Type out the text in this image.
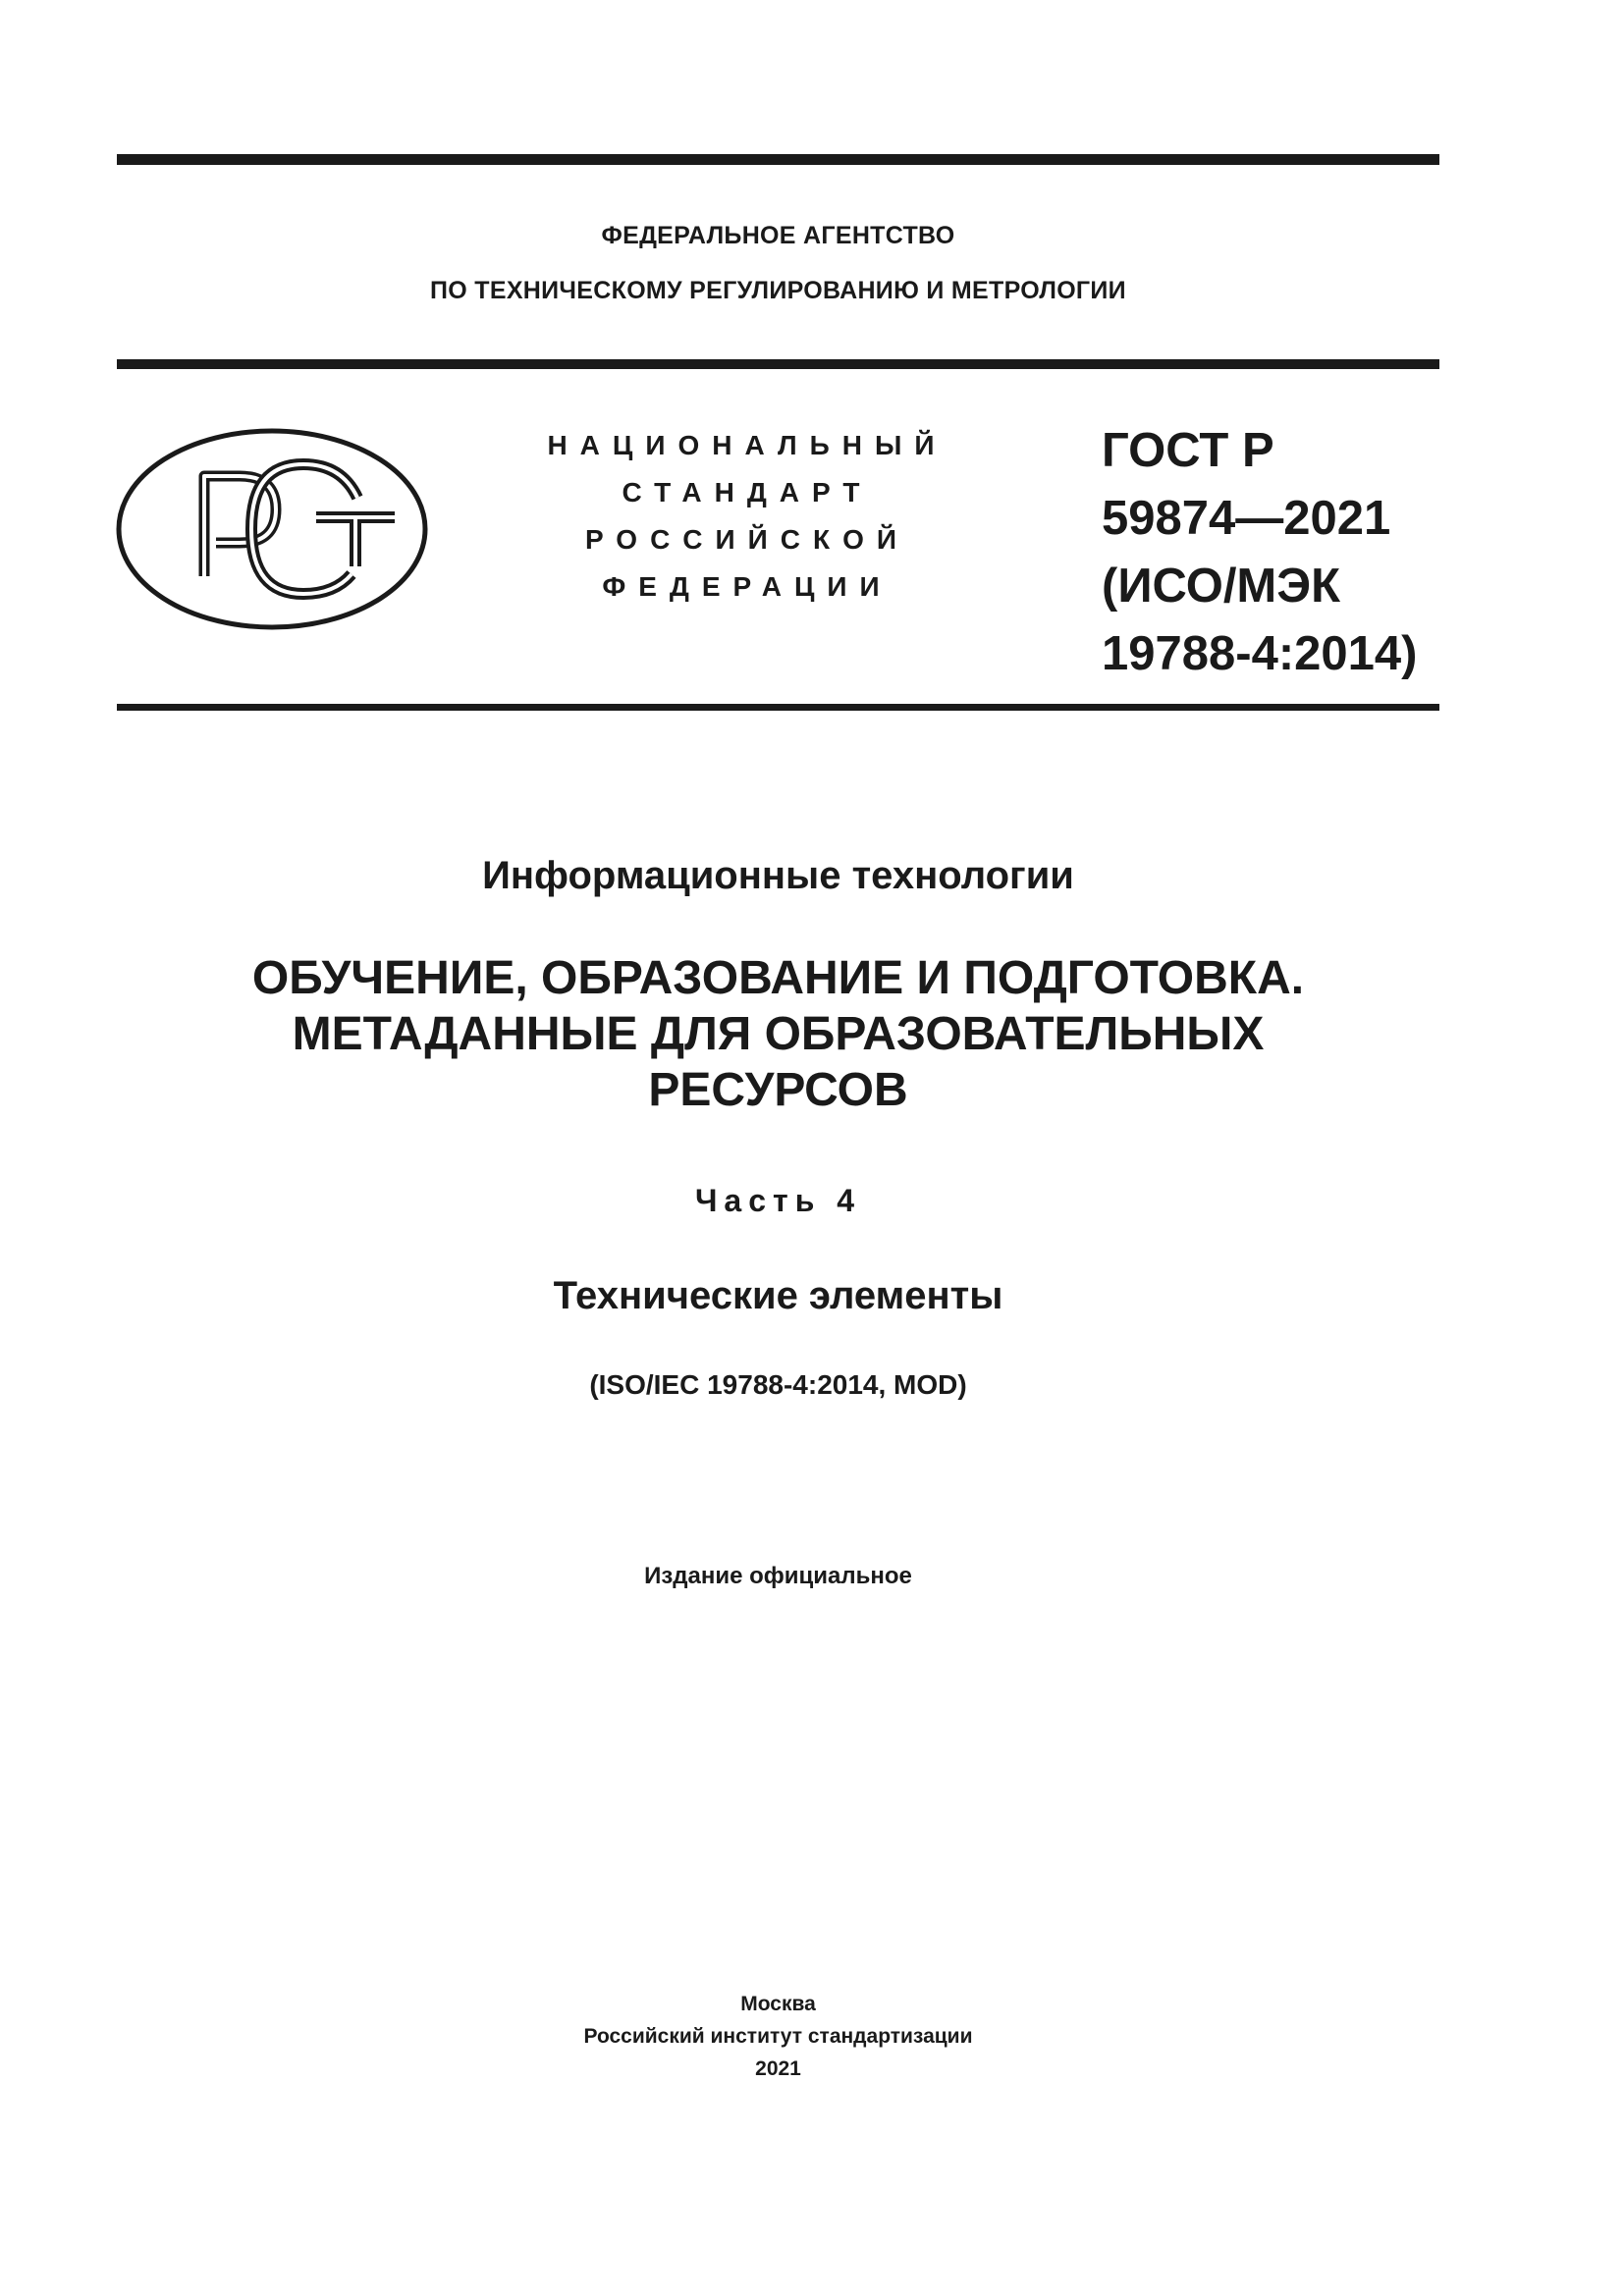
ФЕДЕРАЛЬНОЕ АГЕНТСТВО
ПО ТЕХНИЧЕСКОМУ РЕГУЛИРОВАНИЮ И МЕТРОЛОГИИ
НАЦИОНАЛЬНЫЙ
СТАНДАРТ
РОССИЙСКОЙ
ФЕДЕРАЦИИ
ГОСТ Р
59874—2021
(ИСО/МЭК
19788-4:2014)
Информационные технологии
ОБУЧЕНИЕ, ОБРАЗОВАНИЕ И ПОДГОТОВКА.
МЕТАДАННЫЕ ДЛЯ ОБРАЗОВАТЕЛЬНЫХ
РЕСУРСОВ
Часть 4
Технические элементы
(ISO/IEC 19788-4:2014, MOD)
Издание официальное
Москва
Российский институт стандартизации
2021
